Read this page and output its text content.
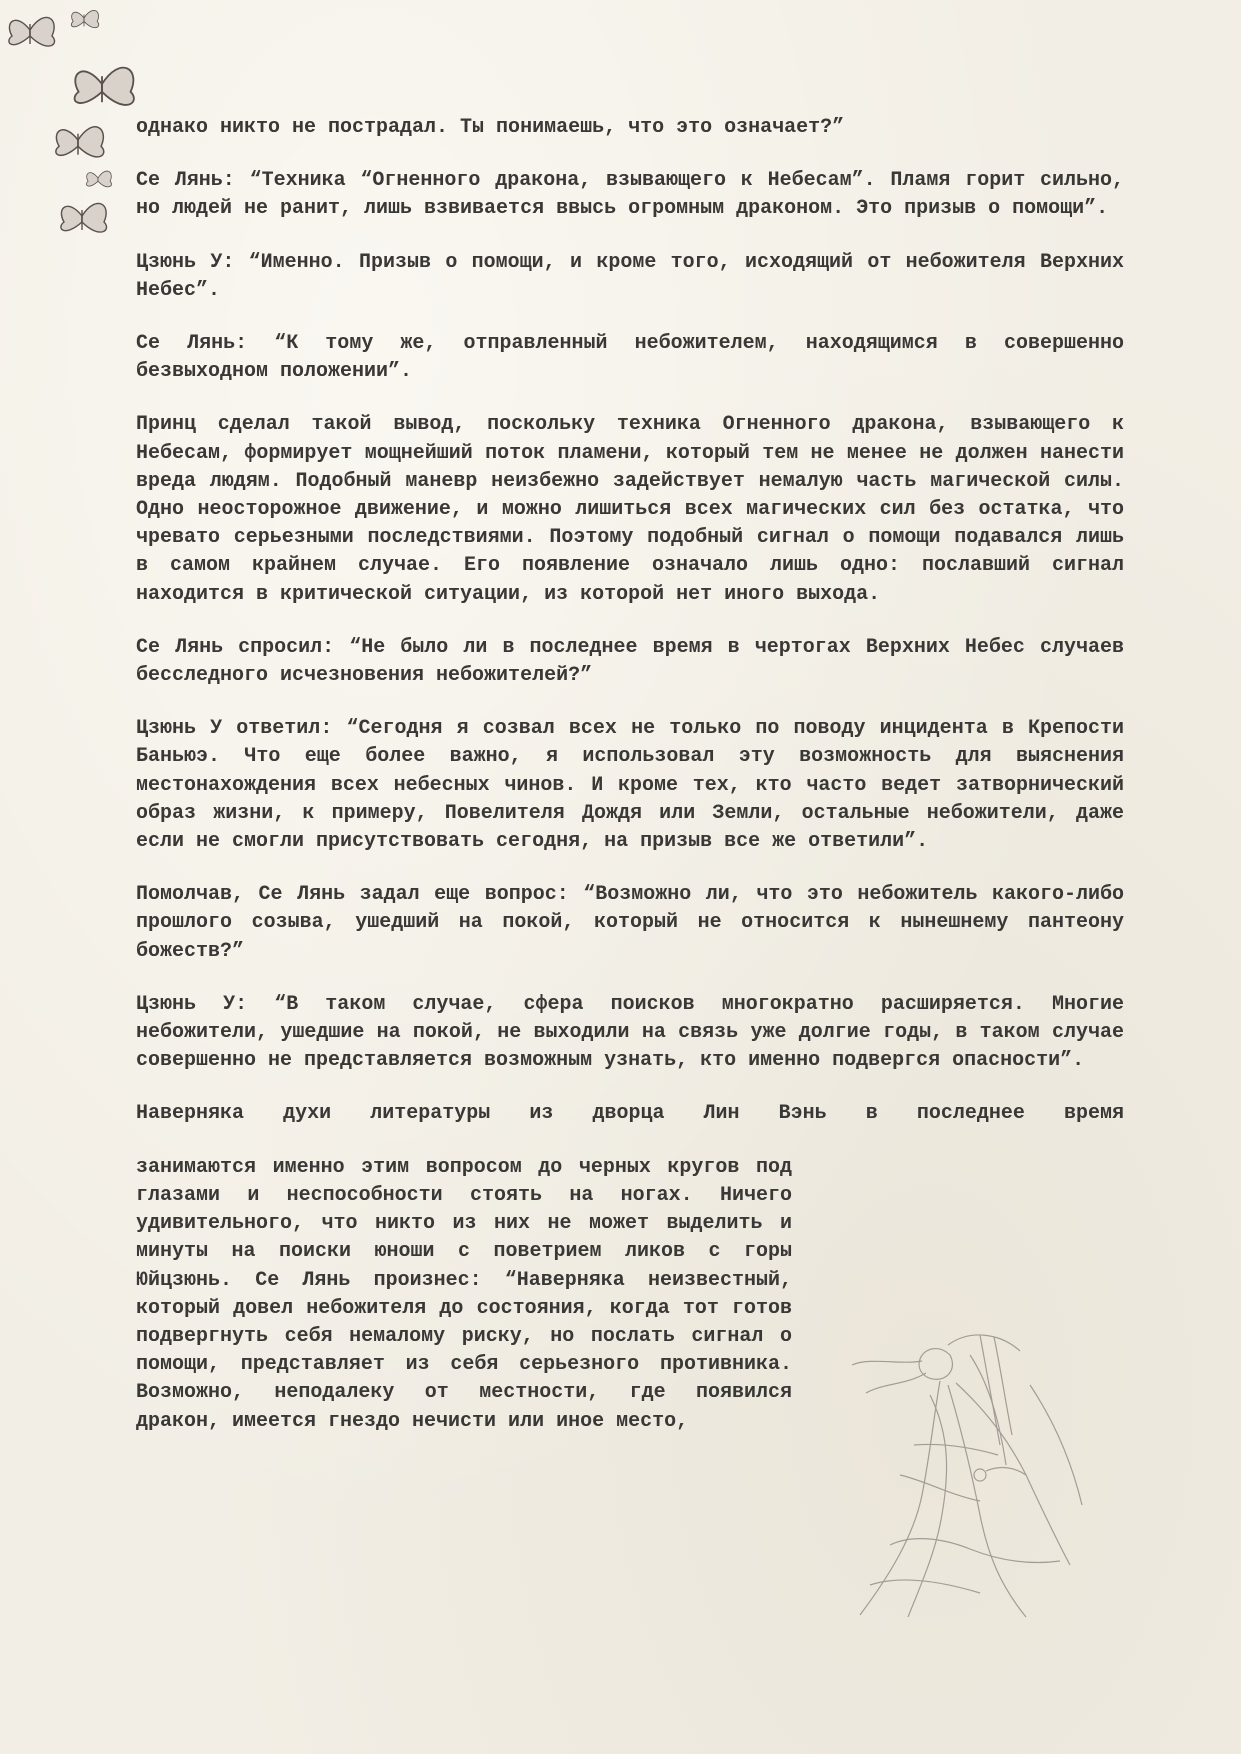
однако никто не пострадал. Ты понимаешь, что это означает?”

Се Лянь: “Техника “Огненного дракона, взывающего к Небесам”. Пламя горит сильно, но людей не ранит, лишь взвивается ввысь огромным драконом. Это призыв о помощи”.

Цзюнь У: “Именно. Призыв о помощи, и кроме того, исходящий от небожителя Верхних Небес”.

Се Лянь: “К тому же, отправленный небожителем, находящимся в совершенно безвыходном положении”.

Принц сделал такой вывод, поскольку техника Огненного дракона, взывающего к Небесам, формирует мощнейший поток пламени, который тем не менее не должен нанести вреда людям. Подобный маневр неизбежно задействует немалую часть магической силы. Одно неосторожное движение, и можно лишиться всех магических сил без остатка, что чревато серьезными последствиями. Поэтому подобный сигнал о помощи подавался лишь в самом крайнем случае. Его появление означало лишь одно: пославший сигнал находится в критической ситуации, из которой нет иного выхода.

Се Лянь спросил: “Не было ли в последнее время в чертогах Верхних Небес случаев бесследного исчезновения небожителей?”

Цзюнь У ответил: “Сегодня я созвал всех не только по поводу инцидента в Крепости Баньюэ. Что еще более важно, я использовал эту возможность для выяснения местонахождения всех небесных чинов. И кроме тех, кто часто ведет затворнический образ жизни, к примеру, Повелителя Дождя или Земли, остальные небожители, даже если не смогли присутствовать сегодня, на призыв все же ответили”.

Помолчав, Се Лянь задал еще вопрос: “Возможно ли, что это небожитель какого-либо прошлого созыва, ушедший на покой, который не относится к нынешнему пантеону божеств?”

Цзюнь У: “В таком случае, сфера поисков многократно расширяется. Многие небожители, ушедшие на покой, не выходили на связь уже долгие годы, в таком случае совершенно не представляется возможным узнать, кто именно подвергся опасности”.

Наверняка духи литературы из дворца Лин Вэнь в последнее время

занимаются именно этим вопросом до черных кругов под глазами и неспособности стоять на ногах. Ничего удивительного, что никто из них не может выделить и минуты на поиски юноши с поветрием ликов с горы Юйцзюнь. Се Лянь произнес: “Наверняка неизвестный, который довел небожителя до состояния, когда тот готов подвергнуть себя немалому риску, но послать сигнал о помощи, представляет из себя серьезного противника. Возможно, неподалеку от местности, где появился дракон, имеется гнездо нечисти или иное место,
